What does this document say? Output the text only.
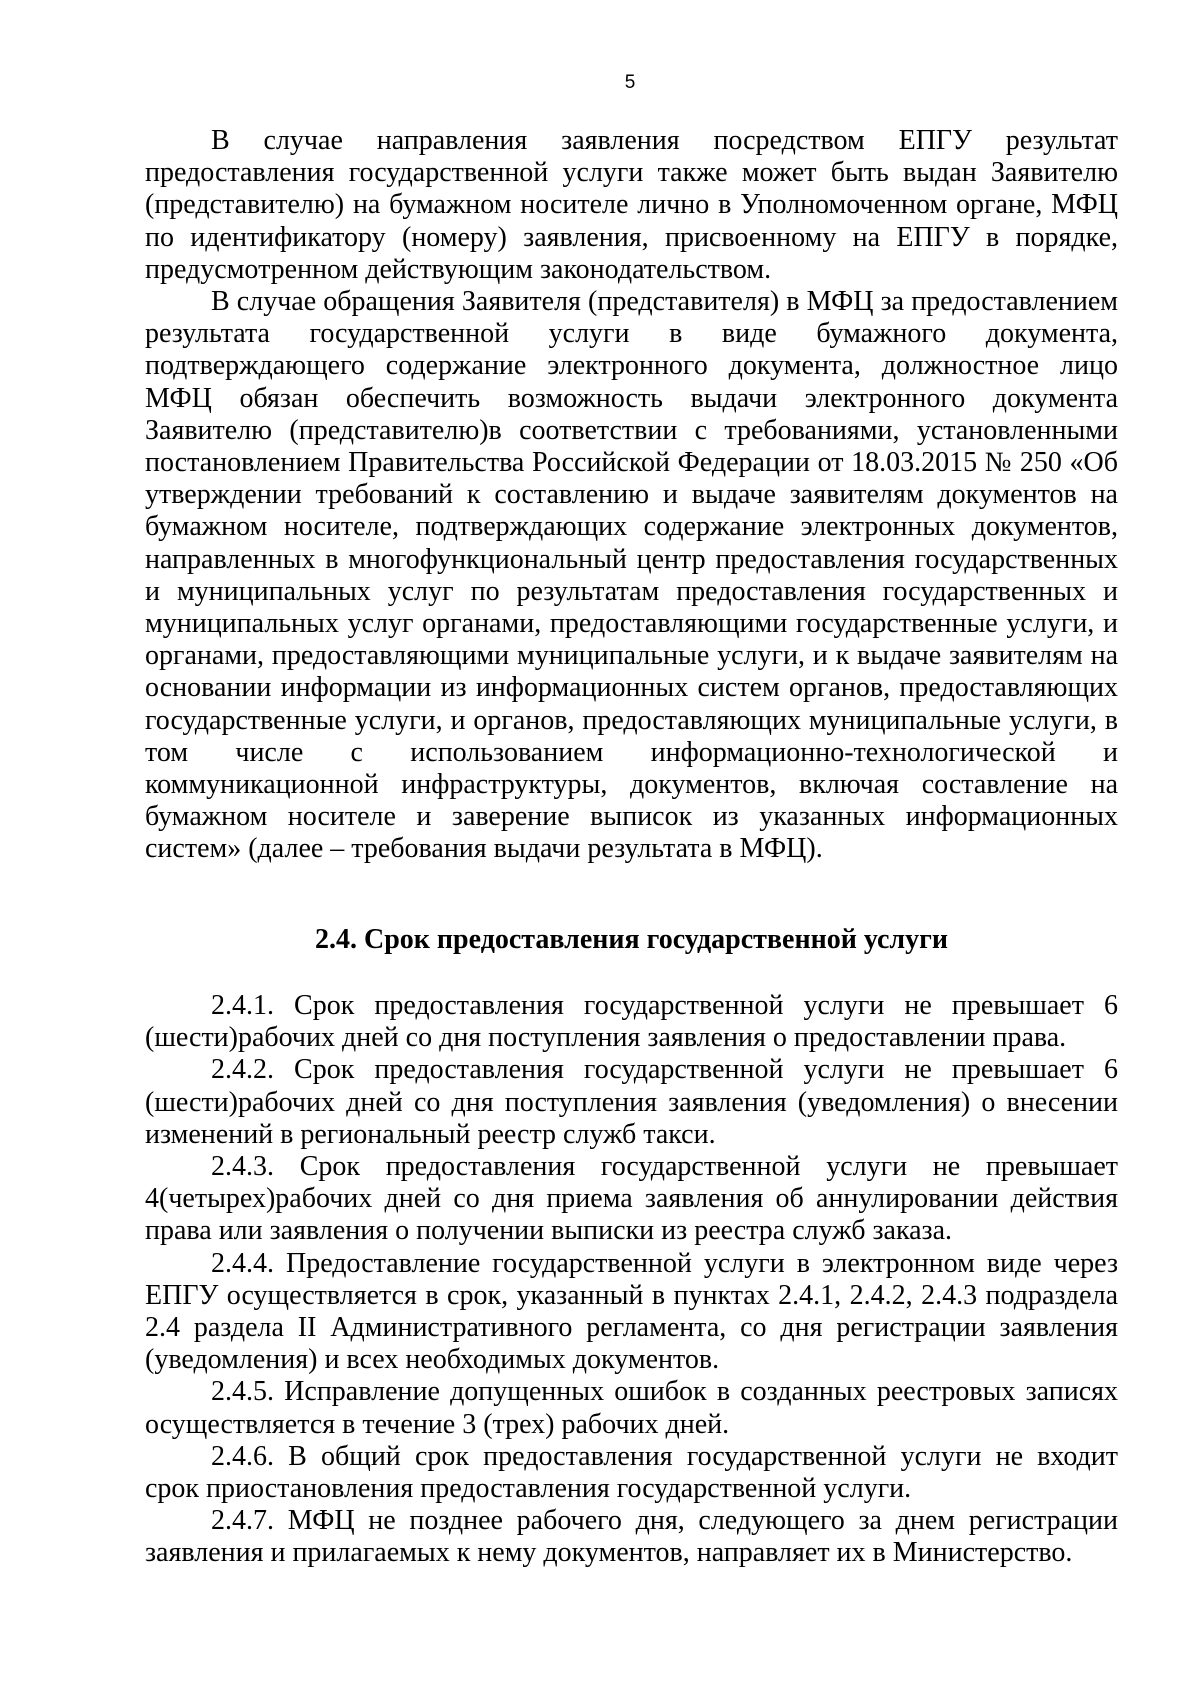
5

В случае направления заявления посредством ЕПГУ результат предоставления государственной услуги также может быть выдан Заявителю (представителю) на бумажном носителе лично в Уполномоченном органе, МФЦ по идентификатору (номеру) заявления, присвоенному на ЕПГУ в порядке, предусмотренном действующим законодательством.

В случае обращения Заявителя (представителя) в МФЦ за предоставлением результата государственной услуги в виде бумажного документа, подтверждающего содержание электронного документа, должностное лицо МФЦ обязан обеспечить возможность выдачи электронного документа Заявителю (представителю)в соответствии с требованиями, установленными постановлением Правительства Российской Федерации от 18.03.2015 № 250 «Об утверждении требований к составлению и выдаче заявителям документов на бумажном носителе, подтверждающих содержание электронных документов, направленных в многофункциональный центр предоставления государственных и муниципальных услуг по результатам предоставления государственных и муниципальных услуг органами, предоставляющими государственные услуги, и органами, предоставляющими муниципальные услуги, и к выдаче заявителям на основании информации из информационных систем органов, предоставляющих государственные услуги, и органов, предоставляющих муниципальные услуги, в том числе с использованием информационно-технологической и коммуникационной инфраструктуры, документов, включая составление на бумажном носителе и заверение выписок из указанных информационных систем» (далее – требования выдачи результата в МФЦ).

2.4. Срок предоставления государственной услуги

2.4.1. Срок предоставления государственной услуги не превышает 6 (шести)рабочих дней со дня поступления заявления о предоставлении права.

2.4.2. Срок предоставления государственной услуги не превышает 6 (шести)рабочих дней со дня поступления заявления (уведомления) о внесении изменений в региональный реестр служб такси.

2.4.3. Срок предоставления государственной услуги не превышает 4(четырех)рабочих дней со дня приема заявления об аннулировании действия права или заявления о получении выписки из реестра служб заказа.

2.4.4. Предоставление государственной услуги в электронном виде через ЕПГУ осуществляется в срок, указанный в пунктах 2.4.1, 2.4.2, 2.4.3 подраздела 2.4 раздела II Административного регламента, со дня регистрации заявления (уведомления) и всех необходимых документов.

2.4.5. Исправление допущенных ошибок в созданных реестровых записях осуществляется в течение 3 (трех) рабочих дней.

2.4.6. В общий срок предоставления государственной услуги не входит срок приостановления предоставления государственной услуги.

2.4.7. МФЦ не позднее рабочего дня, следующего за днем регистрации заявления и прилагаемых к нему документов, направляет их в Министерство.
